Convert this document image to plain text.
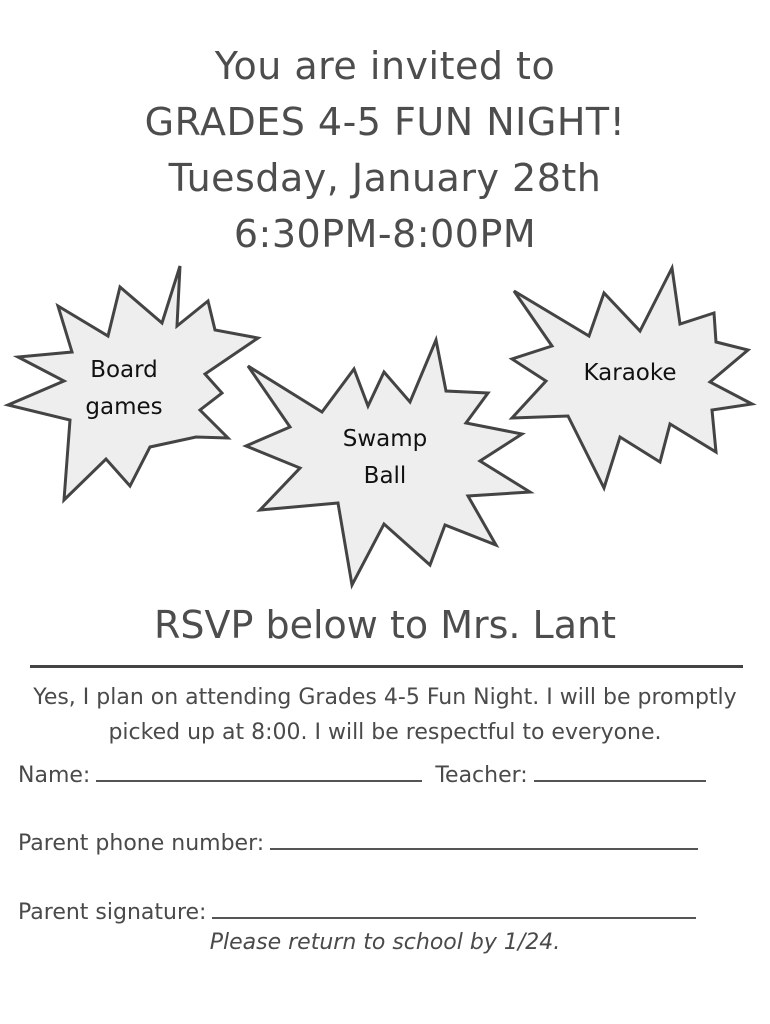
You are invited to
GRADES 4-5 FUN NIGHT!
Tuesday, January 28th
6:30PM-8:00PM
Board
games
Swamp
Ball
Karaoke
RSVP below to Mrs. Lant
Yes, I plan on attending Grades 4-5 Fun Night. I will be promptly picked up at 8:00. I will be respectful to everyone.
Name:	Teacher:
Parent phone number:
Parent signature:
Please return to school by 1/24.
